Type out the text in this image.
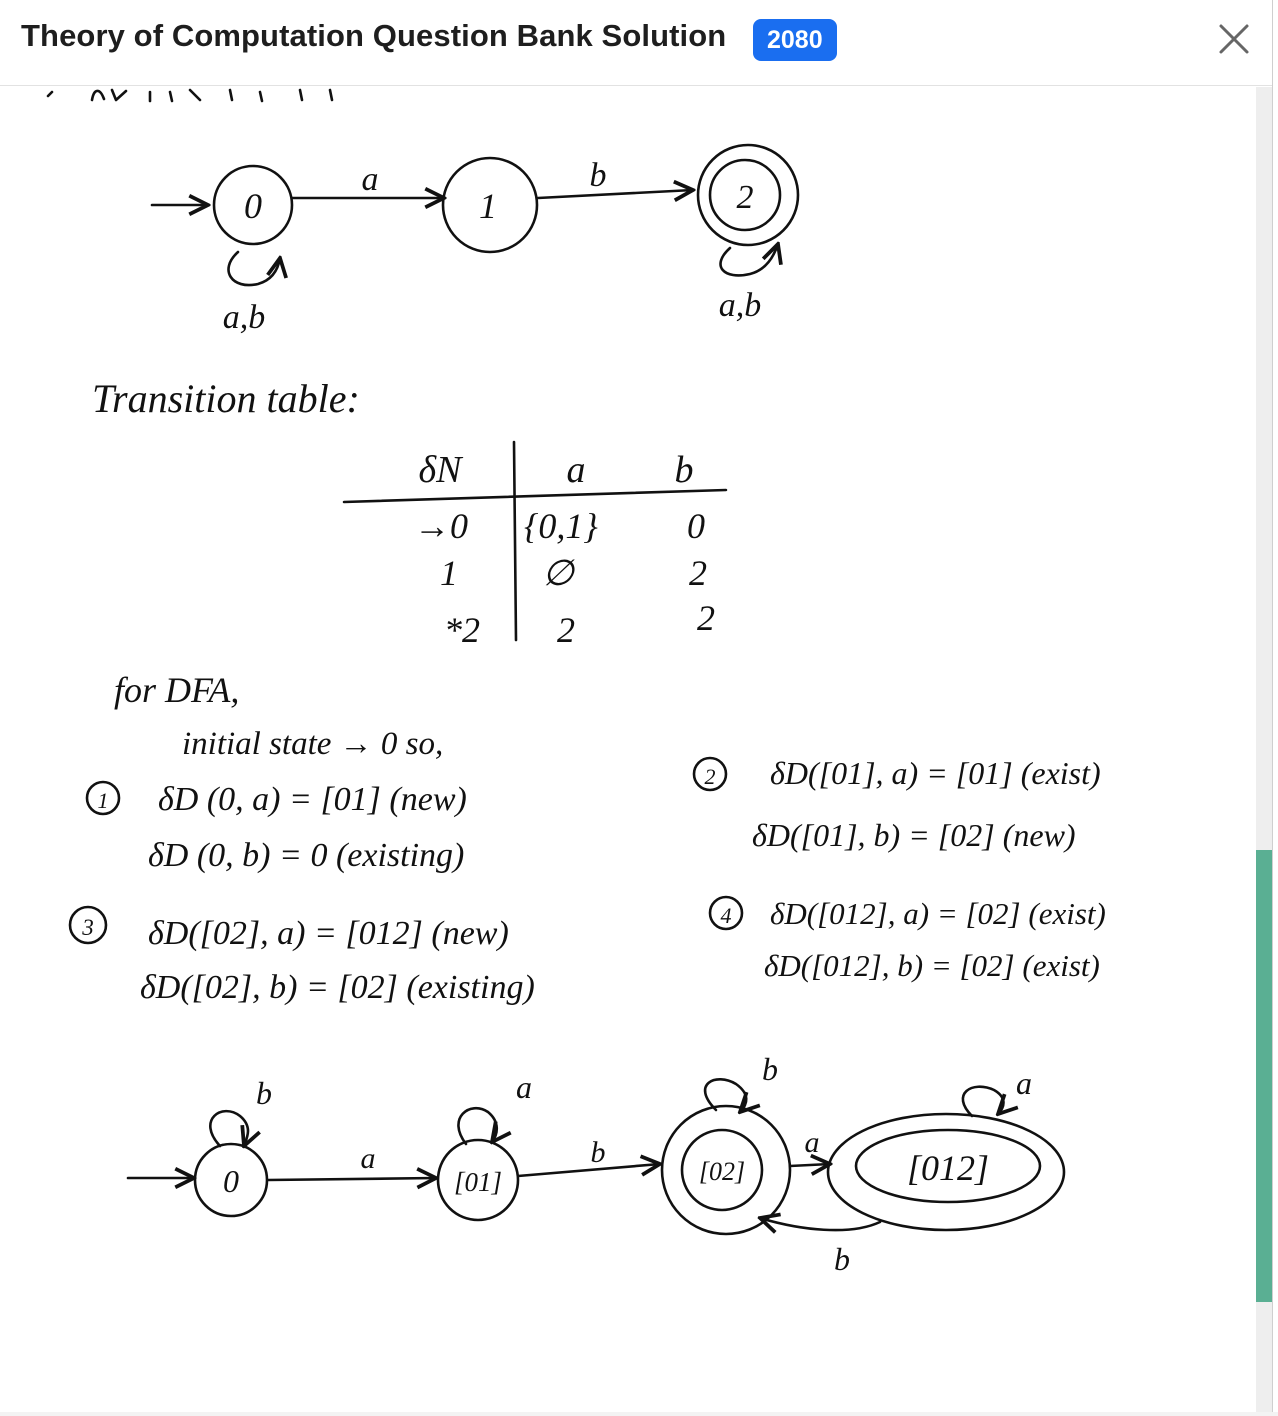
Theory of Computation Question Bank Solution	2080
0
a
1
b
2
a,b	a,b
Transition table:
δN	a b
→0 {0,1} 0
1 ∅	2
*2 2	2
for DFA,
initial state → 0 so,
1 δD (0, a) = [01] (new)
δD (0, b) = 0 (existing)
2 δD([01], a) = [01] (exist)
δD([01], b) = [02] (new)
3 δD([02], a) = [012] (new)
δD([02], b) = [02] (existing)
4 δD([012], a) = [02] (exist)
δD([012], b) = [02] (exist)
0
b
a
[01]
a
b
[02]
b
a
[012]
a
b
